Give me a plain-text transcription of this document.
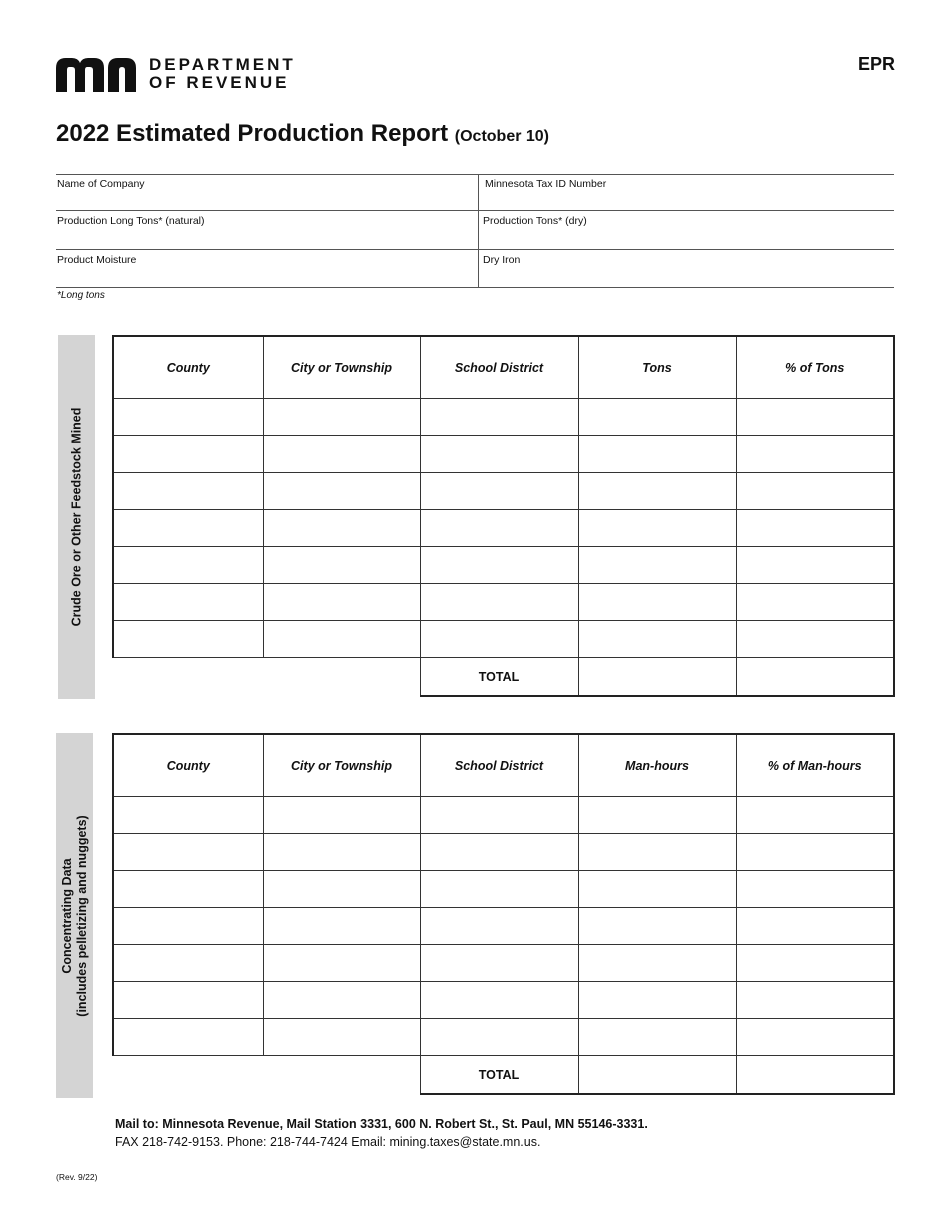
DEPARTMENT
OF REVENUE
EPR
2022 Estimated Production Report (October 10)
Name of Company	Minnesota Tax ID Number
Production Long Tons* (natural)	Production Tons* (dry)
Product Moisture	Dry Iron
*Long tons
Crude Ore or Other Feedstock Mined
County	City or Township	School District	Tons	% of Tons

		TOTAL		
Concentrating Data (includes pelletizing and nuggets)
County	City or Township	School District	Man-hours	% of Man-hours

		TOTAL		
Mail to: Minnesota Revenue, Mail Station 3331, 600 N. Robert St., St. Paul, MN 55146-3331.
FAX 218-742-9153. Phone: 218-744-7424 Email: mining.taxes@state.mn.us.
(Rev. 9/22)
